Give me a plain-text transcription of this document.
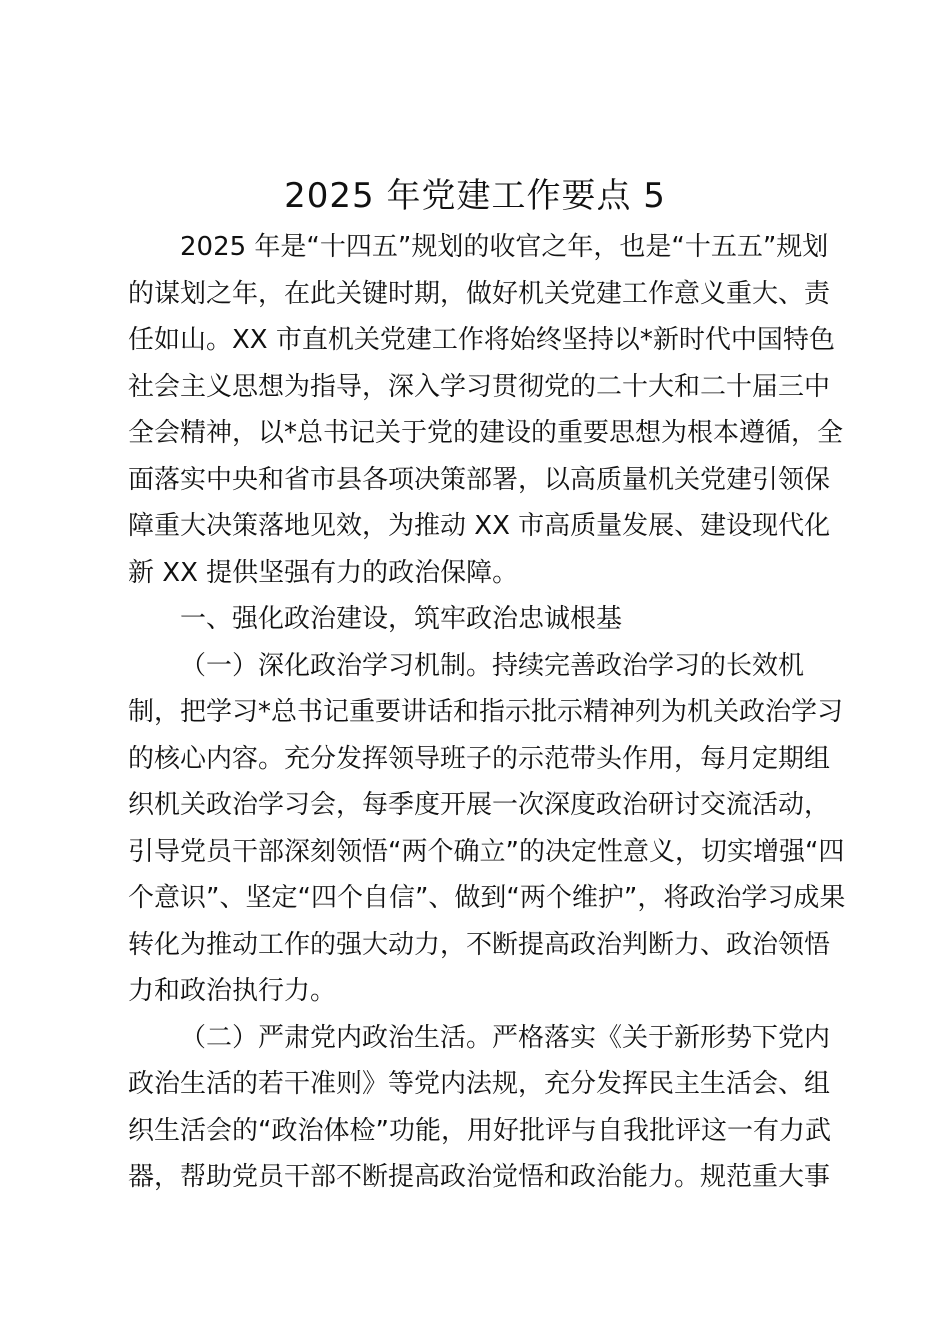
2025 年党建工作要点 5
2025 年是“十四五”规划的收官之年，也是“十五五”规划
的谋划之年，在此关键时期，做好机关党建工作意义重大、责
任如山。XX 市直机关党建工作将始终坚持以*新时代中国特色
社会主义思想为指导，深入学习贯彻党的二十大和二十届三中
全会精神，以*总书记关于党的建设的重要思想为根本遵循，全
面落实中央和省市县各项决策部署，以高质量机关党建引领保
障重大决策落地见效，为推动 XX 市高质量发展、建设现代化
新 XX 提供坚强有力的政治保障。
一、强化政治建设，筑牢政治忠诚根基
（一）深化政治学习机制。持续完善政治学习的长效机
制，把学习*总书记重要讲话和指示批示精神列为机关政治学习
的核心内容。充分发挥领导班子的示范带头作用，每月定期组
织机关政治学习会，每季度开展一次深度政治研讨交流活动，
引导党员干部深刻领悟“两个确立”的决定性意义，切实增强“四
个意识”、坚定“四个自信”、做到“两个维护”，将政治学习成果
转化为推动工作的强大动力，不断提高政治判断力、政治领悟
力和政治执行力。
（二）严肃党内政治生活。严格落实《关于新形势下党内
政治生活的若干准则》等党内法规，充分发挥民主生活会、组
织生活会的“政治体检”功能，用好批评与自我批评这一有力武
器，帮助党员干部不断提高政治觉悟和政治能力。规范重大事
